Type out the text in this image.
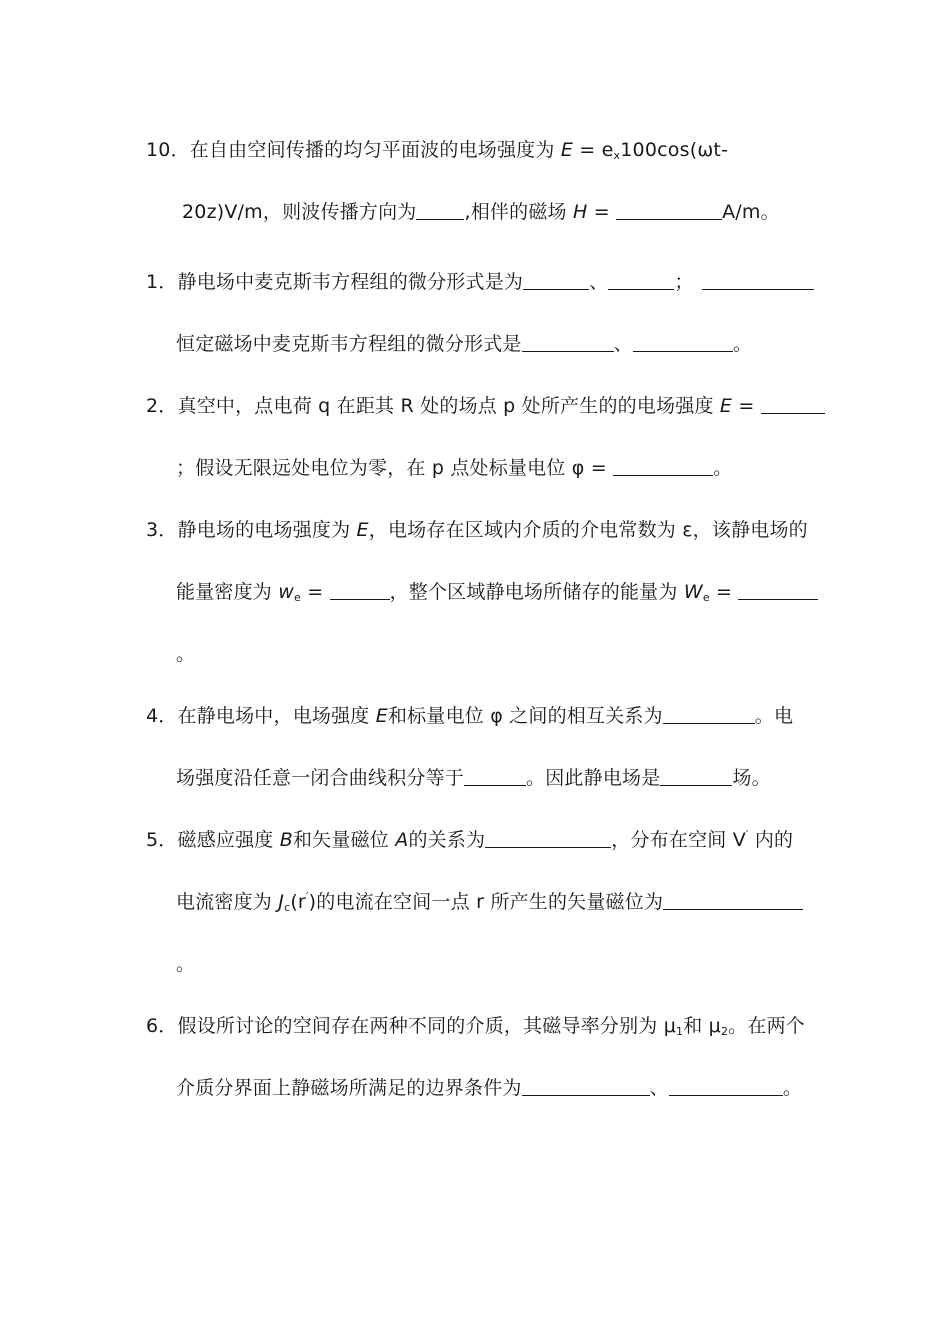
10．在自由空间传播的均匀平面波的电场强度为 $E = e_x100\cos(\omega t-$
20z)V/m，则波传播方向为	,相伴的磁场 H =	A/m。
1．静电场中麦克斯韦方程组的微分形式是为	、	；
恒定磁场中麦克斯韦方程组的微分形式是	、	。
2．真空中，点电荷 q 在距其 R 处的场点 p 处所产生的的电场强度 E =
；假设无限远处电位为零，在 p 点处标量电位 φ =	。
3．静电场的电场强度为 E，电场存在区域内介质的介电常数为 ε，该静电场的
能量密度为 $w_e$ =	，整个区域静电场所储存的能量为 $W_e$ =
。
4．在静电场中，电场强度 E和标量电位 φ 之间的相互关系为	。电
场强度沿任意一闭合曲线积分等于	。因此静电场是	场。
5．磁感应强度 B和矢量磁位 A的关系为	，分布在空间 V′ 内的
电流密度为 $J_c(r')$的电流在空间一点 r 所产生的矢量磁位为
。
6．假设所讨论的空间存在两种不同的介质，其磁导率分别为 $\mu_1$和 $\mu_2$。在两个
介质分界面上静磁场所满足的边界条件为	、	。
